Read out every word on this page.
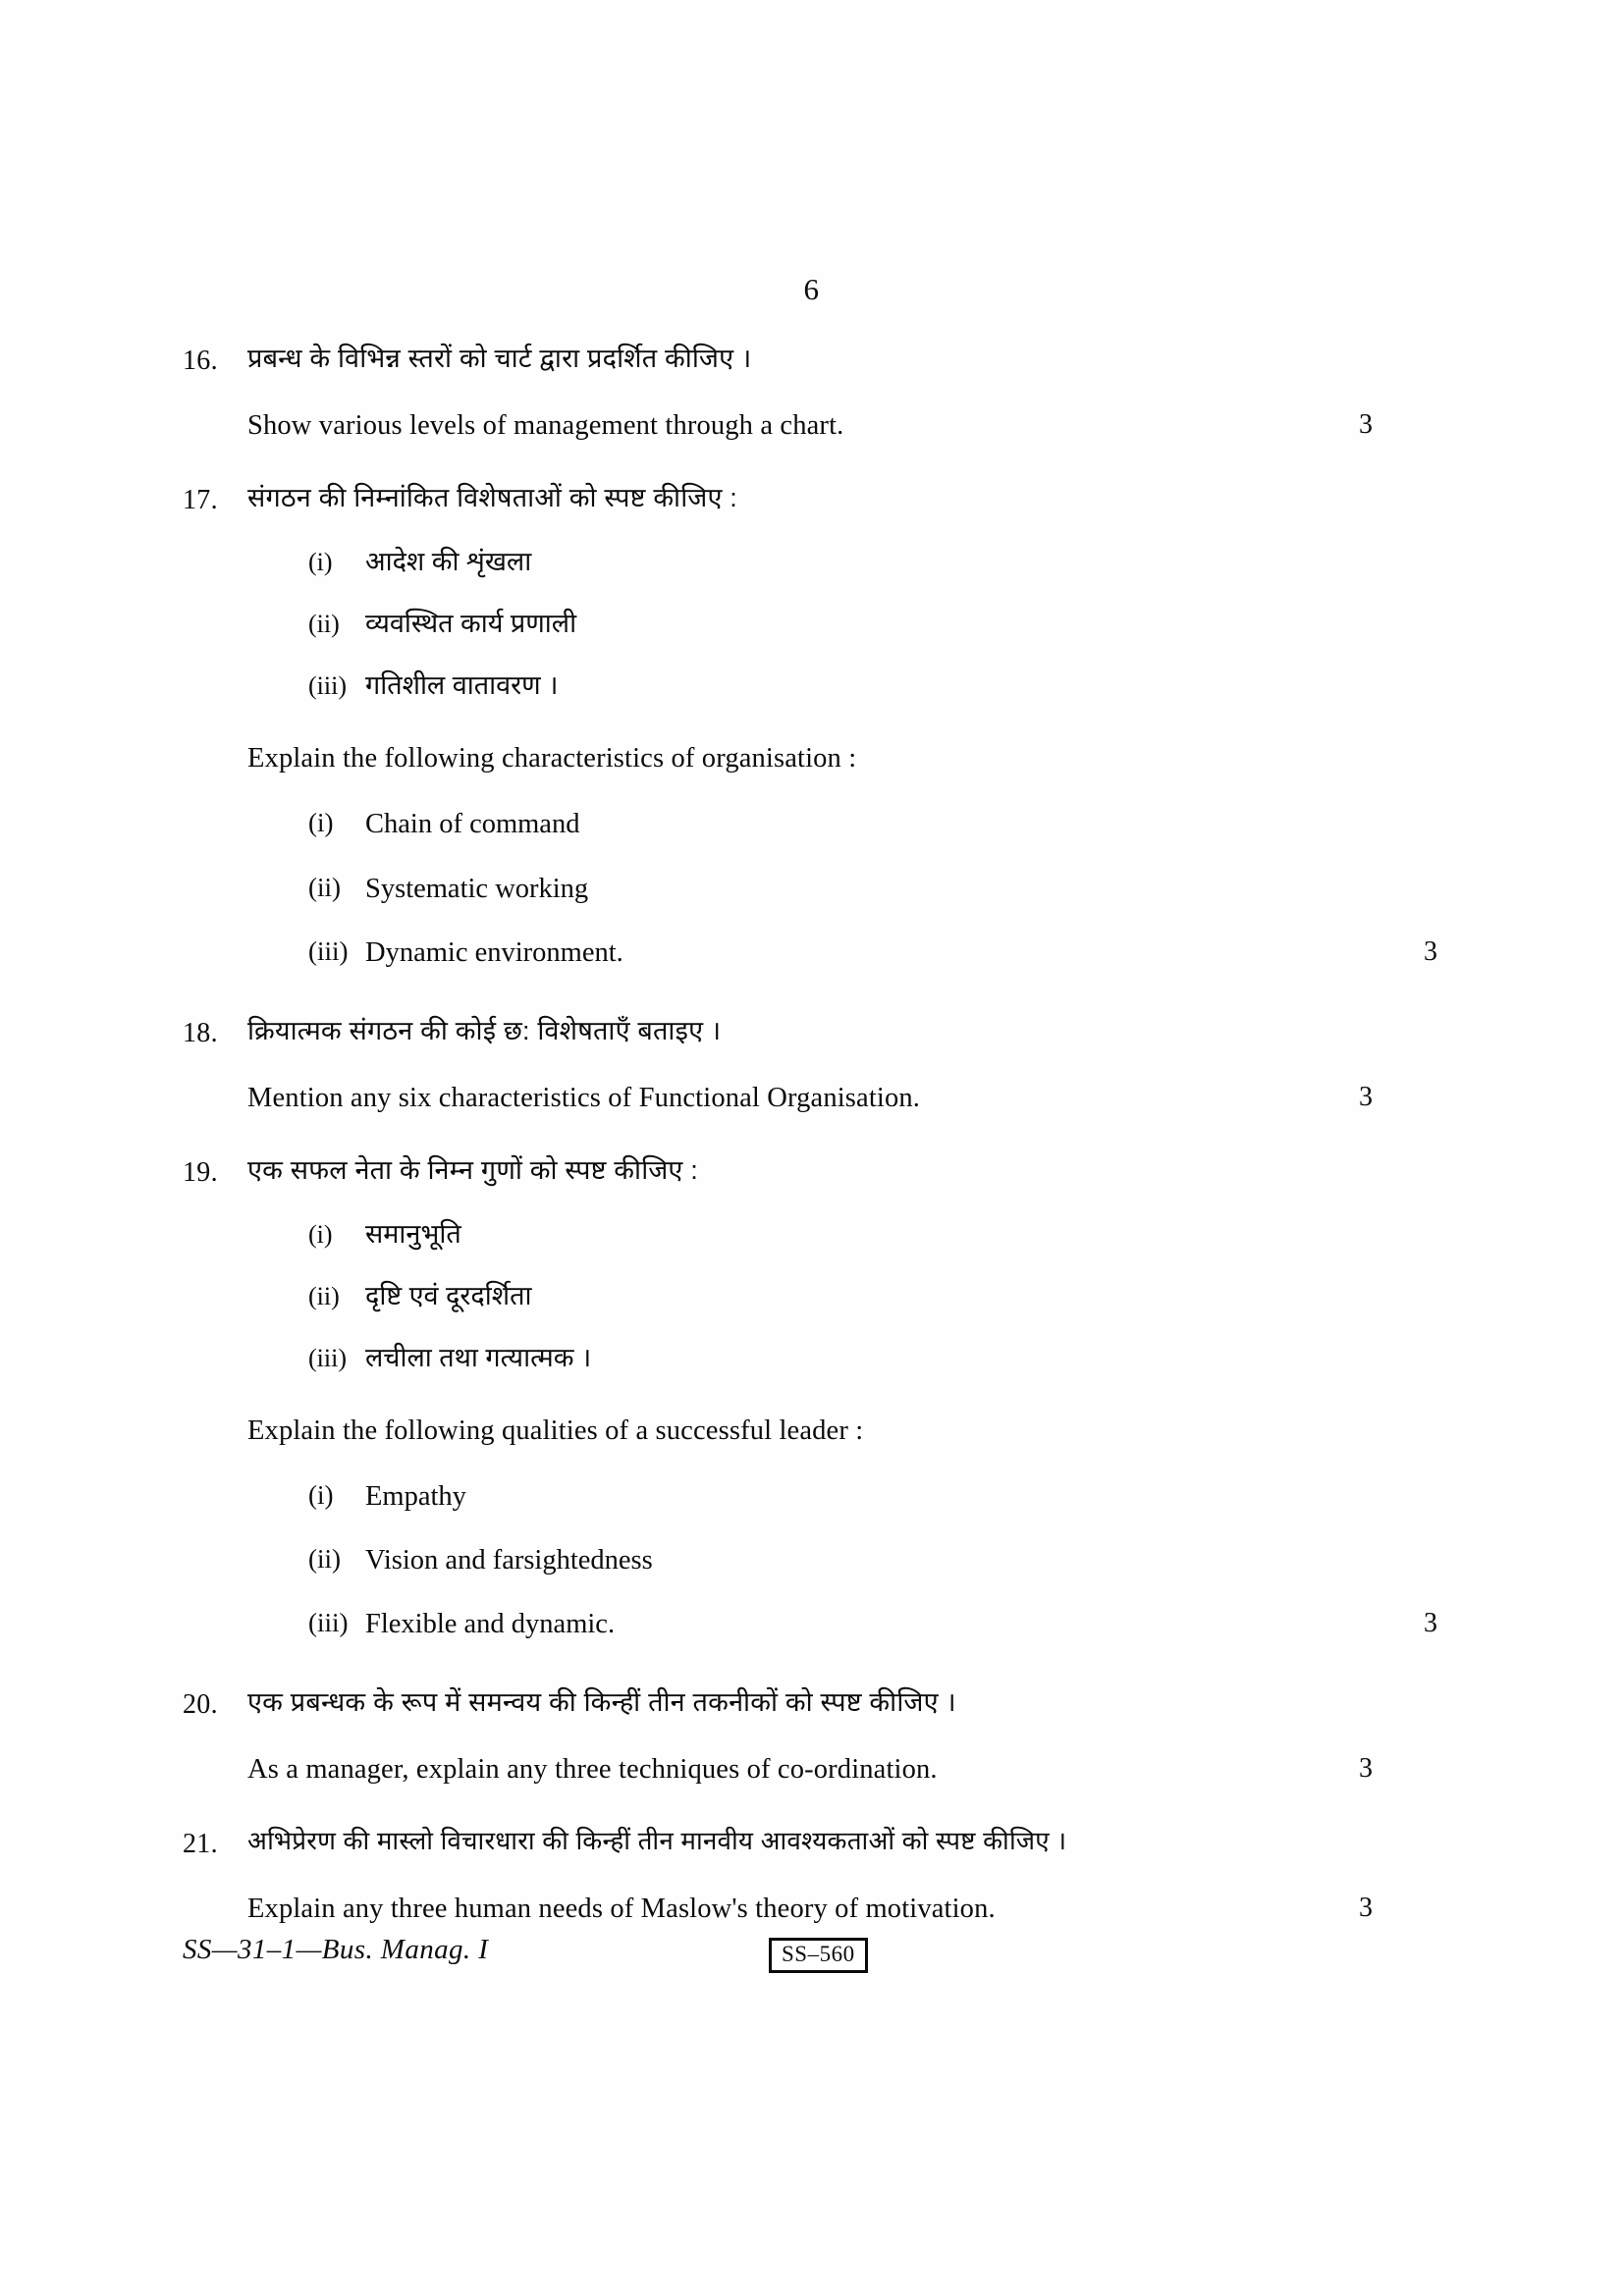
6
16.	प्रबन्ध के विभिन्न स्तरों को चार्ट द्वारा प्रदर्शित कीजिए ।
Show various levels of management through a chart.	3
17.	संगठन की निम्नांकित विशेषताओं को स्पष्ट कीजिए :
(i)	आदेश की शृंखला
(ii) व्यवस्थित कार्य प्रणाली
(iii) गतिशील वातावरण ।
Explain the following characteristics of organisation :
(i)	Chain of command
(ii) Systematic working
(iii) Dynamic environment.	3
18.	क्रियात्मक संगठन की कोई छ: विशेषताएँ बताइए ।
Mention any six characteristics of Functional Organisation.	3
19.	एक सफल नेता के निम्न गुणों को स्पष्ट कीजिए :
(i)	समानुभूति
(ii) दृष्टि एवं दूरदर्शिता
(iii) लचीला तथा गत्यात्मक ।
Explain the following qualities of a successful leader :
(i)	Empathy
(ii) Vision and farsightedness
(iii) Flexible and dynamic.	3
20.	एक प्रबन्धक के रूप में समन्वय की किन्हीं तीन तकनीकों को स्पष्ट कीजिए ।
As a manager, explain any three techniques of co-ordination.	3
21.	अभिप्रेरण की मास्लो विचारधारा की किन्हीं तीन मानवीय आवश्यकताओं को स्पष्ट कीजिए ।
Explain any three human needs of Maslow's theory of motivation.	3
SS—31–1—Bus. Manag. I	SS–560
